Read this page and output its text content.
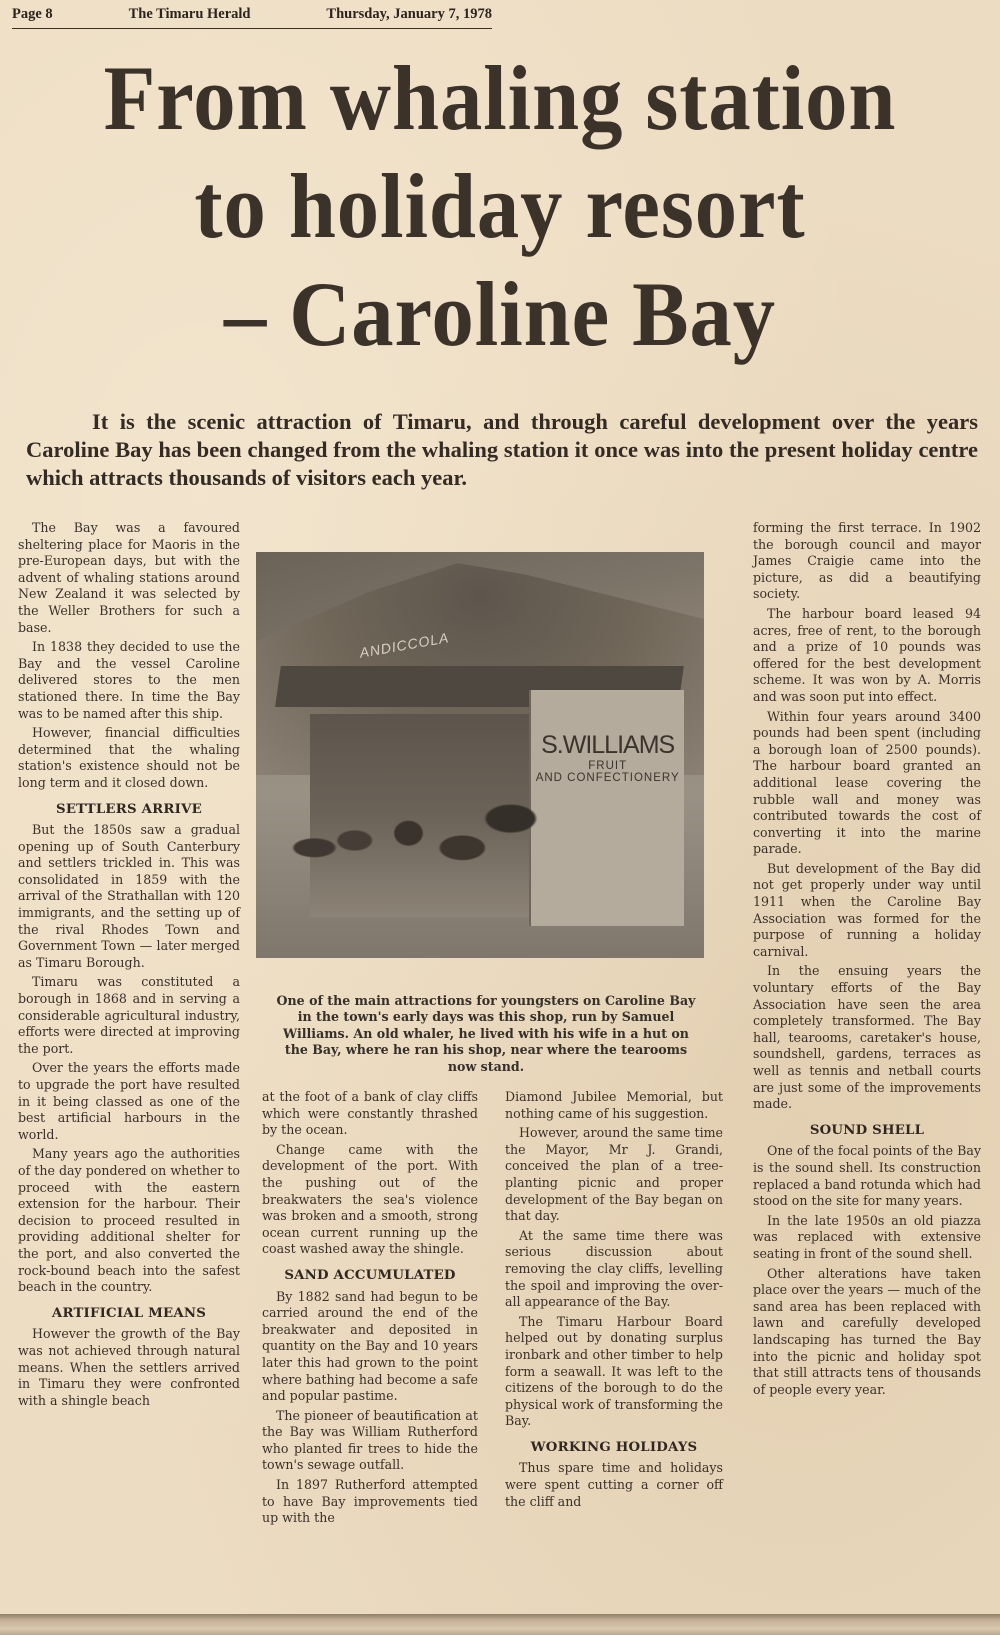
Page 8	The Timaru Herald	Thursday, January 7, 1978
From whaling station
to holiday resort
– Caroline Bay
It is the scenic attraction of Timaru, and through careful development over the years Caroline Bay has been changed from the whaling station it once was into the present holiday centre which attracts thousands of visitors each year.

The Bay was a favoured sheltering place for Maoris in the pre-European days, but with the advent of whaling stations around New Zealand it was selected by the Weller Brothers for such a base.

In 1838 they decided to use the Bay and the vessel Caroline delivered stores to the men stationed there. In time the Bay was to be named after this ship.

However, financial difficulties determined that the whaling station's existence should not be long term and it closed down.

SETTLERS ARRIVE

But the 1850s saw a gradual opening up of South Canterbury and settlers trickled in. This was consolidated in 1859 with the arrival of the Strathallan with 120 immigrants, and the setting up of the rival Rhodes Town and Government Town — later merged as Timaru Borough.

Timaru was constituted a borough in 1868 and in serving a considerable agricultural industry, efforts were directed at improving the port.

Over the years the efforts made to upgrade the port have resulted in it being classed as one of the best artificial harbours in the world.

Many years ago the authorities of the day pondered on whether to proceed with the eastern extension for the harbour. Their decision to proceed resulted in providing additional shelter for the port, and also converted the rock-bound beach into the safest beach in the country.

ARTIFICIAL MEANS

However the growth of the Bay was not achieved through natural means. When the settlers arrived in Timaru they were confronted with a shingle beach

ANDICCOLA
S.WILLIAMS
FRUIT
AND CONFECTIONERY
One of the main attractions for youngsters on Caroline Bay in the town's early days was this shop, run by Samuel Williams. An old whaler, he lived with his wife in a hut on the Bay, where he ran his shop, near where the tearooms now stand.

at the foot of a bank of clay cliffs which were constantly thrashed by the ocean.

Change came with the development of the port. With the pushing out of the breakwaters the sea's violence was broken and a smooth, strong ocean current running up the coast washed away the shingle.

SAND ACCUMULATED

By 1882 sand had begun to be carried around the end of the breakwater and deposited in quantity on the Bay and 10 years later this had grown to the point where bathing had become a safe and popular pastime.

The pioneer of beautification at the Bay was William Rutherford who planted fir trees to hide the town's sewage outfall.

In 1897 Rutherford attempted to have Bay improvements tied up with the

Diamond Jubilee Memorial, but nothing came of his suggestion.

However, around the same time the Mayor, Mr J. Grandi, conceived the plan of a tree-planting picnic and proper development of the Bay began on that day.

At the same time there was serious discussion about removing the clay cliffs, levelling the spoil and improving the over-all appearance of the Bay.

The Timaru Harbour Board helped out by donating surplus ironbark and other timber to help form a seawall. It was left to the citizens of the borough to do the physical work of transforming the Bay.

WORKING HOLIDAYS

Thus spare time and holidays were spent cutting a corner off the cliff and

forming the first terrace. In 1902 the borough council and mayor James Craigie came into the picture, as did a beautifying society.

The harbour board leased 94 acres, free of rent, to the borough and a prize of 10 pounds was offered for the best development scheme. It was won by A. Morris and was soon put into effect.

Within four years around 3400 pounds had been spent (including a borough loan of 2500 pounds). The harbour board granted an additional lease covering the rubble wall and money was contributed towards the cost of converting it into the marine parade.

But development of the Bay did not get properly under way until 1911 when the Caroline Bay Association was formed for the purpose of running a holiday carnival.

In the ensuing years the voluntary efforts of the Bay Association have seen the area completely transformed. The Bay hall, tearooms, caretaker's house, soundshell, gardens, terraces as well as tennis and netball courts are just some of the improvements made.

SOUND SHELL

One of the focal points of the Bay is the sound shell. Its construction replaced a band rotunda which had stood on the site for many years.

In the late 1950s an old piazza was replaced with extensive seating in front of the sound shell.

Other alterations have taken place over the years — much of the sand area has been replaced with lawn and carefully developed landscaping has turned the Bay into the picnic and holiday spot that still attracts tens of thousands of people every year.
